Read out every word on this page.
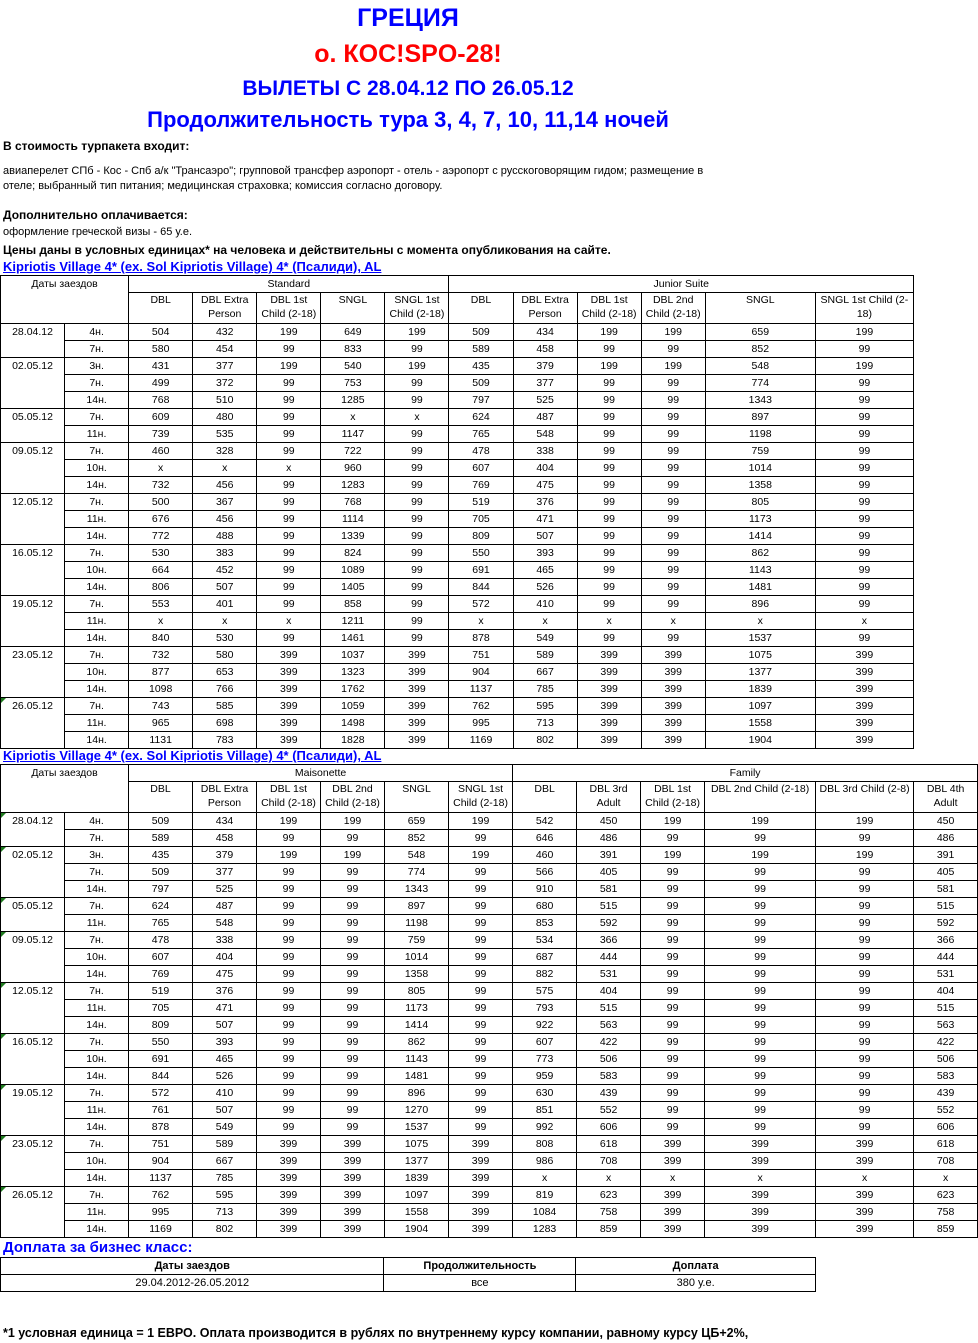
ГРЕЦИЯ
о. КОС!SPO-28!
ВЫЛЕТЫ С 28.04.12 ПО 26.05.12
Продолжительность тура 3, 4, 7, 10, 11,14 ночей
В стоимость турпакета входит:
авиаперелет СПб - Кос - Спб а/к "Трансаэро"; групповой трансфер аэропорт - отель - аэропорт с русскоговорящим гидом; размещение в
отеле; выбранный тип питания; медицинская страховка; комиссия согласно договору.
Дополнительно оплачивается:
оформление греческой визы - 65 у.е.
Цены даны в условных единицах* на человека и действительны с момента опубликования на сайте.
Kipriotis Village 4* (ex. Sol Kipriotis Village) 4* (Псалиди), AL
Даты заездов		Standard					Junior Suite					
		DBL	DBL Extra Person	DBL 1st Child (2-18)	SNGL	SNGL 1st Child (2-18)	DBL	DBL Extra Person	DBL 1st Child (2-18)	DBL 2nd Child (2-18)	SNGL	SNGL 1st Child (2-18)
28.04.12	4н.	504	432	199	649	199	509	434	199	199	659	199
	7н.	580	454	99	833	99	589	458	99	99	852	99
02.05.12	3н.	431	377	199	540	199	435	379	199	199	548	199
	7н.	499	372	99	753	99	509	377	99	99	774	99
	14н.	768	510	99	1285	99	797	525	99	99	1343	99
05.05.12	7н.	609	480	99	x	x	624	487	99	99	897	99
	11н.	739	535	99	1147	99	765	548	99	99	1198	99
09.05.12	7н.	460	328	99	722	99	478	338	99	99	759	99
	10н.	x	x	x	960	99	607	404	99	99	1014	99
	14н.	732	456	99	1283	99	769	475	99	99	1358	99
12.05.12	7н.	500	367	99	768	99	519	376	99	99	805	99
	11н.	676	456	99	1114	99	705	471	99	99	1173	99
	14н.	772	488	99	1339	99	809	507	99	99	1414	99
16.05.12	7н.	530	383	99	824	99	550	393	99	99	862	99
	10н.	664	452	99	1089	99	691	465	99	99	1143	99
	14н.	806	507	99	1405	99	844	526	99	99	1481	99
19.05.12	7н.	553	401	99	858	99	572	410	99	99	896	99
	11н.	x	x	x	1211	99	x	x	x	x	x	x
	14н.	840	530	99	1461	99	878	549	99	99	1537	99
23.05.12	7н.	732	580	399	1037	399	751	589	399	399	1075	399
	10н.	877	653	399	1323	399	904	667	399	399	1377	399
	14н.	1098	766	399	1762	399	1137	785	399	399	1839	399
26.05.12	7н.	743	585	399	1059	399	762	595	399	399	1097	399
	11н.	965	698	399	1498	399	995	713	399	399	1558	399
	14н.	1131	783	399	1828	399	1169	802	399	399	1904	399
Kipriotis Village 4* (ex. Sol Kipriotis Village) 4* (Псалиди), AL
Даты заездов		Maisonette						Family					
		DBL	DBL Extra Person	DBL 1st Child (2-18)	DBL 2nd Child (2-18)	SNGL	SNGL 1st Child (2-18)	DBL	DBL 3rd Adult	DBL 1st Child (2-18)	DBL 2nd Child (2-18)	DBL 3rd Child (2-8)	DBL 4th Adult
28.04.12	4н.	509	434	199	199	659	199	542	450	199	199	199	450
	7н.	589	458	99	99	852	99	646	486	99	99	99	486
02.05.12	3н.	435	379	199	199	548	199	460	391	199	199	199	391
	7н.	509	377	99	99	774	99	566	405	99	99	99	405
	14н.	797	525	99	99	1343	99	910	581	99	99	99	581
05.05.12	7н.	624	487	99	99	897	99	680	515	99	99	99	515
	11н.	765	548	99	99	1198	99	853	592	99	99	99	592
09.05.12	7н.	478	338	99	99	759	99	534	366	99	99	99	366
	10н.	607	404	99	99	1014	99	687	444	99	99	99	444
	14н.	769	475	99	99	1358	99	882	531	99	99	99	531
12.05.12	7н.	519	376	99	99	805	99	575	404	99	99	99	404
	11н.	705	471	99	99	1173	99	793	515	99	99	99	515
	14н.	809	507	99	99	1414	99	922	563	99	99	99	563
16.05.12	7н.	550	393	99	99	862	99	607	422	99	99	99	422
	10н.	691	465	99	99	1143	99	773	506	99	99	99	506
	14н.	844	526	99	99	1481	99	959	583	99	99	99	583
19.05.12	7н.	572	410	99	99	896	99	630	439	99	99	99	439
	11н.	761	507	99	99	1270	99	851	552	99	99	99	552
	14н.	878	549	99	99	1537	99	992	606	99	99	99	606
23.05.12	7н.	751	589	399	399	1075	399	808	618	399	399	399	618
	10н.	904	667	399	399	1377	399	986	708	399	399	399	708
	14н.	1137	785	399	399	1839	399	x	x	x	x	x	x
26.05.12	7н.	762	595	399	399	1097	399	819	623	399	399	399	623
	11н.	995	713	399	399	1558	399	1084	758	399	399	399	758
	14н.	1169	802	399	399	1904	399	1283	859	399	399	399	859
Доплата за бизнес класс:
Даты заездов	Продолжительность	Доплата
29.04.2012-26.05.2012	все	380 у.е.
*1 условная единица = 1 ЕВРО. Оплата производится в рублях по внутреннему курсу компании, равному курсу ЦБ+2%,
